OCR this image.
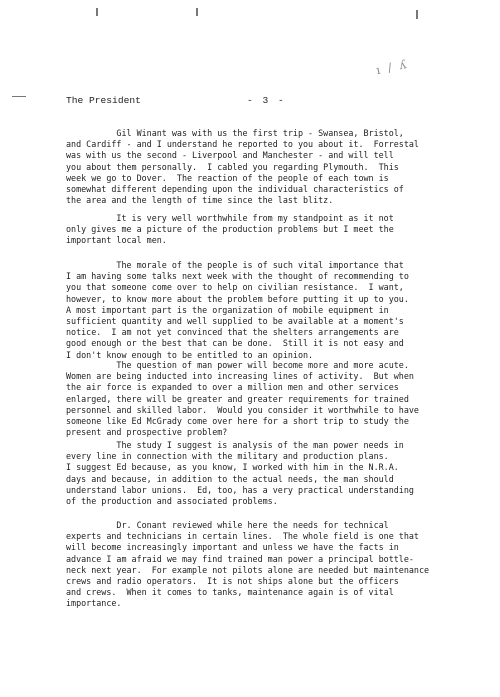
ı / ʎ
The President	- 3 -
Gil Winant was with us the first trip - Swansea, Bristol,
and Cardiff - and I understand he reported to you about it.  Forrestal
was with us the second - Liverpool and Manchester - and will tell
you about them personally.  I cabled you regarding Plymouth.  This
week we go to Dover.  The reaction of the people of each town is
somewhat different depending upon the individual characteristics of
the area and the length of time since the last blitz.
It is very well worthwhile from my standpoint as it not
only gives me a picture of the production problems but I meet the
important local men.
The morale of the people is of such vital importance that
I am having some talks next week with the thought of recommending to
you that someone come over to help on civilian resistance.  I want,
however, to know more about the problem before putting it up to you.
A most important part is the organization of mobile equipment in
sufficient quantity and well supplied to be available at a moment's
notice.  I am not yet convinced that the shelters arrangements are
good enough or the best that can be done.  Still it is not easy and
I don't know enough to be entitled to an opinion.
The question of man power will become more and more acute.
Women are being inducted into increasing lines of activity.  But when
the air force is expanded to over a million men and other services
enlarged, there will be greater and greater requirements for trained
personnel and skilled labor.  Would you consider it worthwhile to have
someone like Ed McGrady come over here for a short trip to study the
present and prospective problem?
The study I suggest is analysis of the man power needs in
every line in connection with the military and production plans.
I suggest Ed because, as you know, I worked with him in the N.R.A.
days and because, in addition to the actual needs, the man should
understand labor unions.  Ed, too, has a very practical understanding
of the production and associated problems.
Dr. Conant reviewed while here the needs for technical
experts and technicians in certain lines.  The whole field is one that
will become increasingly important and unless we have the facts in
advance I am afraid we may find trained man power a principal bottle-
neck next year.  For example not pilots alone are needed but maintenance
crews and radio operators.  It is not ships alone but the officers
and crews.  When it comes to tanks, maintenance again is of vital
importance.
